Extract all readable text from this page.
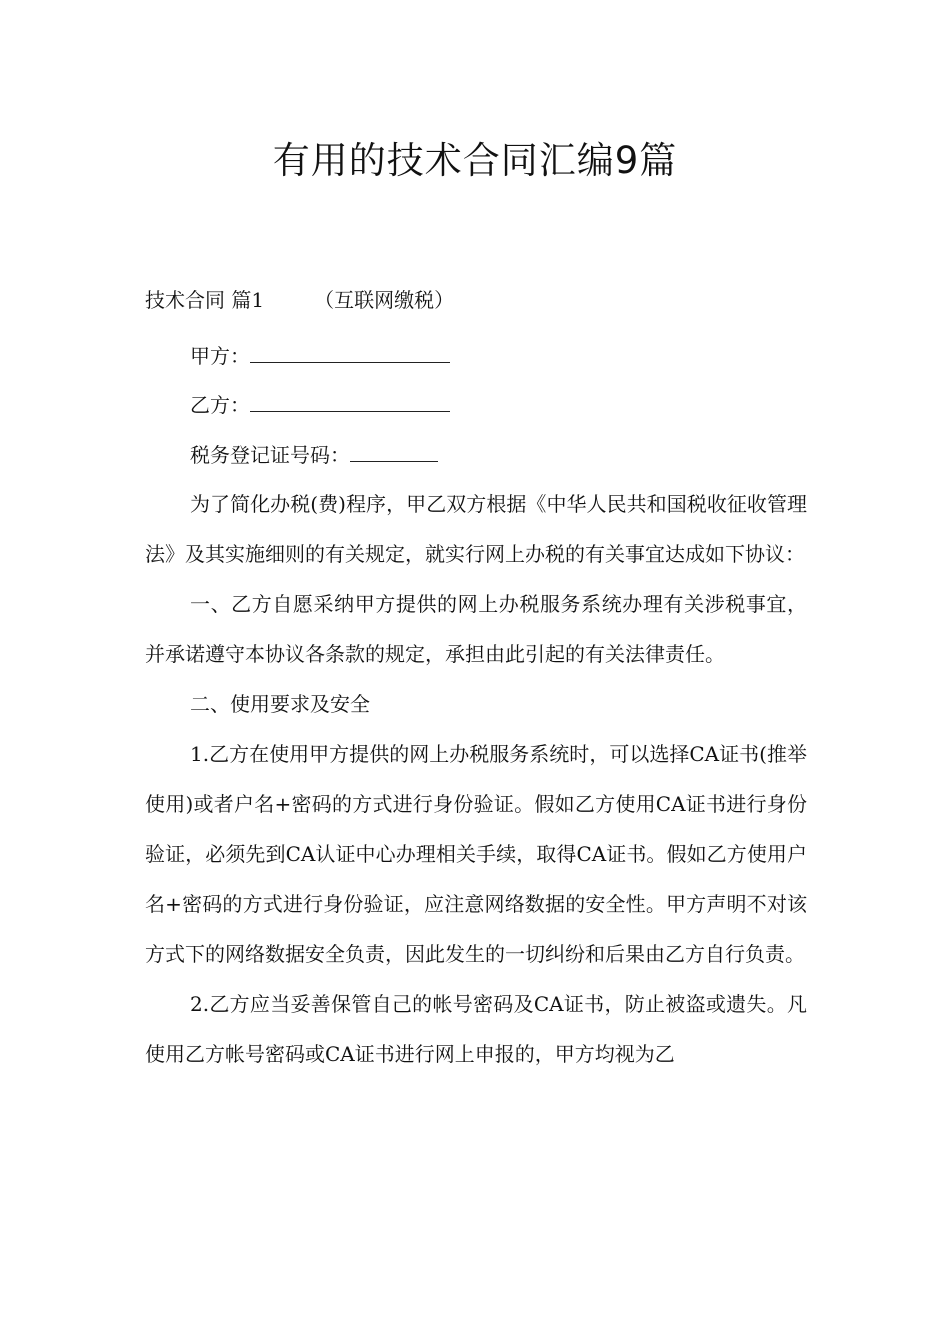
有用的技术合同汇编9篇
技术合同 篇1	（互联网缴税）
甲方：
乙方：
税务登记证号码：

为了简化办税(费)程序，甲乙双方根据《中华人民共和国税收征收管理法》及其实施细则的有关规定，就实行网上办税的有关事宜达成如下协议：

一、乙方自愿采纳甲方提供的网上办税服务系统办理有关涉税事宜，并承诺遵守本协议各条款的规定，承担由此引起的有关法律责任。

二、使用要求及安全

1.乙方在使用甲方提供的网上办税服务系统时，可以选择CA证书(推举使用)或者户名+密码的方式进行身份验证。假如乙方使用CA证书进行身份验证，必须先到CA认证中心办理相关手续，取得CA证书。假如乙方使用户名+密码的方式进行身份验证，应注意网络数据的安全性。甲方声明不对该方式下的网络数据安全负责，因此发生的一切纠纷和后果由乙方自行负责。

2.乙方应当妥善保管自己的帐号密码及CA证书，防止被盗或遗失。凡使用乙方帐号密码或CA证书进行网上申报的，甲方均视为乙
